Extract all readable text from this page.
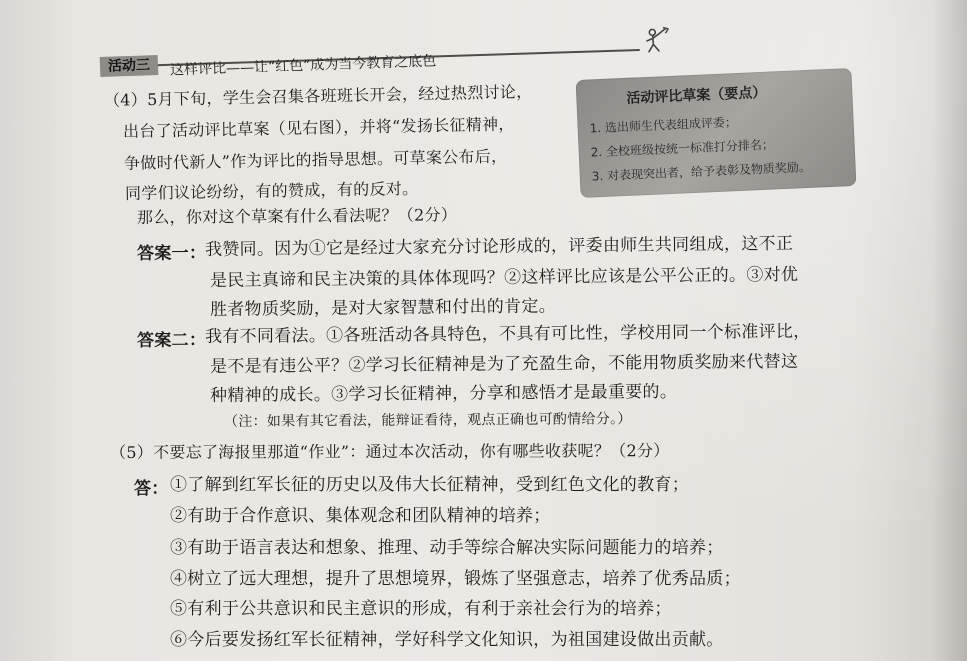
活动三	这样评比——让“红色”成为当今教育之底色
活动评比草案（要点）
1. 选出师生代表组成评委；
2. 全校班级按统一标准打分排名；
3. 对表现突出者，给予表彰及物质奖励。
（4）5月下旬，学生会召集各班班长开会，经过热烈讨论，
出台了活动评比草案（见右图），并将“发扬长征精神，
争做时代新人”作为评比的指导思想。可草案公布后，
同学们议论纷纷，有的赞成，有的反对。
那么，你对这个草案有什么看法呢？（2分）
答案一：
我赞同。因为①它是经过大家充分讨论形成的，评委由师生共同组成，这不正
是民主真谛和民主决策的具体体现吗？②这样评比应该是公平公正的。③对优
胜者物质奖励，是对大家智慧和付出的肯定。
答案二：
我有不同看法。①各班活动各具特色，不具有可比性，学校用同一个标准评比，
是不是有违公平？②学习长征精神是为了充盈生命，不能用物质奖励来代替这
种精神的成长。③学习长征精神，分享和感悟才是最重要的。
（注：如果有其它看法，能辩证看待，观点正确也可酌情给分。）
（5）不要忘了海报里那道“作业”：通过本次活动，你有哪些收获呢？（2分）
答： ①了解到红军长征的历史以及伟大长征精神，受到红色文化的教育；
②有助于合作意识、集体观念和团队精神的培养；
③有助于语言表达和想象、推理、动手等综合解决实际问题能力的培养；
④树立了远大理想，提升了思想境界，锻炼了坚强意志，培养了优秀品质；
⑤有利于公共意识和民主意识的形成，有利于亲社会行为的培养；
⑥今后要发扬红军长征精神，学好科学文化知识，为祖国建设做出贡献。
